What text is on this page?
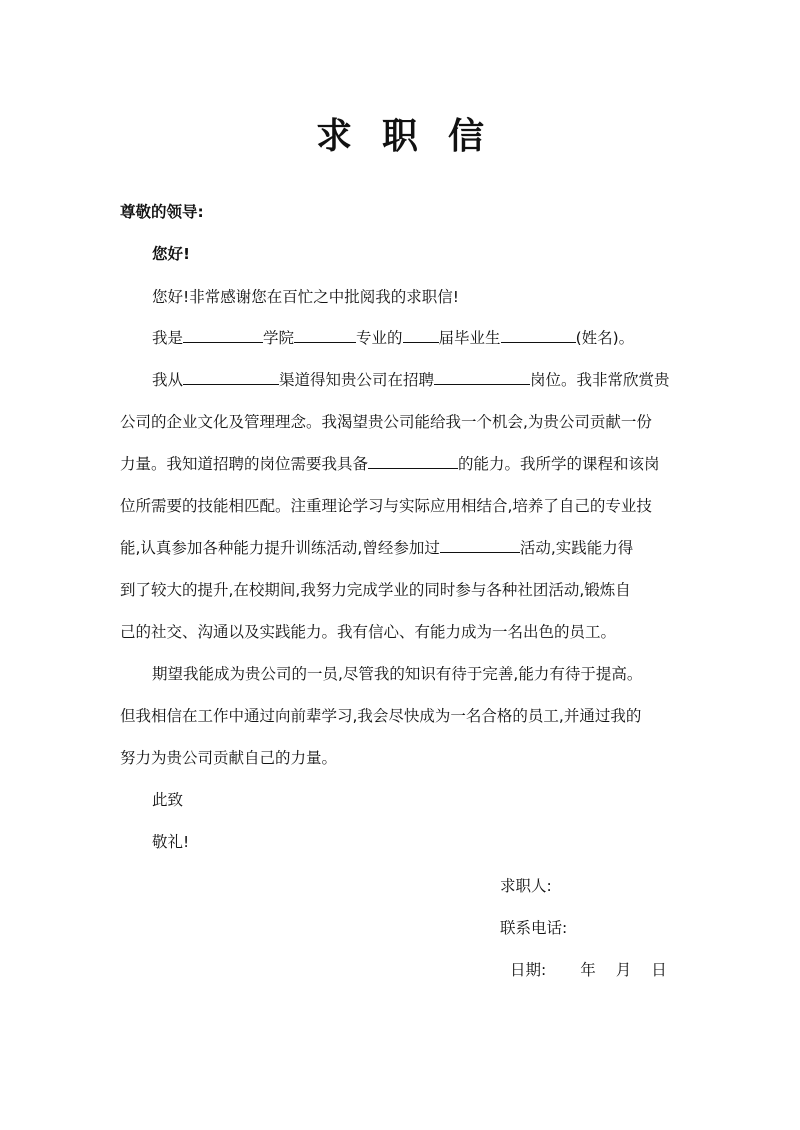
求职信
尊敬的领导:
您好!
您好!非常感谢您在百忙之中批阅我的求职信!
我是	学院	专业的 届毕业生	(姓名)。
我从	渠道得知贵公司在招聘	岗位。我非常欣赏贵
公司的企业文化及管理理念。我渴望贵公司能给我一个机会,为贵公司贡献一份
力量。我知道招聘的岗位需要我具备	的能力。我所学的课程和该岗
位所需要的技能相匹配。注重理论学习与实际应用相结合,培养了自己的专业技
能,认真参加各种能力提升训练活动,曾经参加过	活动,实践能力得
到了较大的提升,在校期间,我努力完成学业的同时参与各种社团活动,锻炼自
己的社交、沟通以及实践能力。我有信心、有能力成为一名出色的员工。
期望我能成为贵公司的一员,尽管我的知识有待于完善,能力有待于提高。
但我相信在工作中通过向前辈学习,我会尽快成为一名合格的员工,并通过我的
努力为贵公司贡献自己的力量。
此致
敬礼!
求职人:
联系电话:
日期: 年 月 日
